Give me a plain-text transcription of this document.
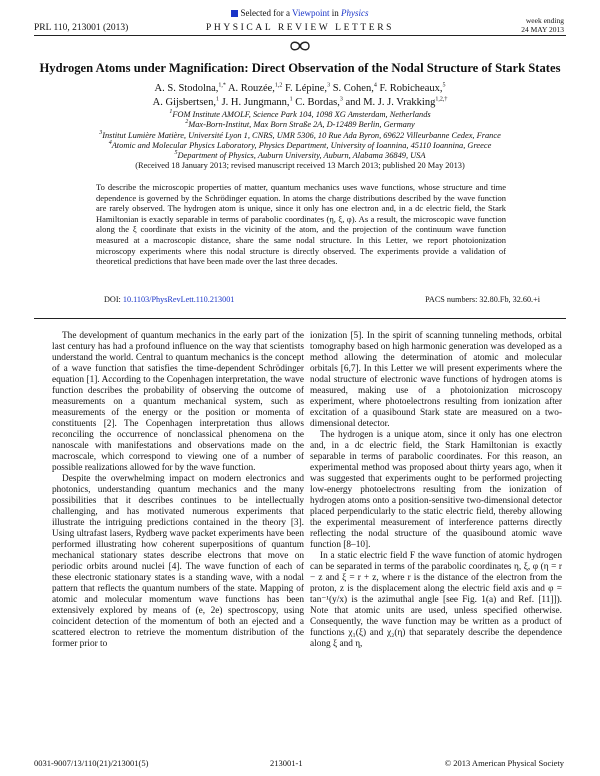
PRL 110, 213001 (2013)
Selected for a Viewpoint in Physics
PHYSICAL REVIEW LETTERS
week ending
24 MAY 2013
Hydrogen Atoms under Magnification: Direct Observation of the Nodal Structure of Stark States
A. S. Stodolna,$^{1,*}$ A. Rouzée,$^{1,2}$ F. Lépine,$^3$ S. Cohen,$^4$ F. Robicheaux,$^5$
A. Gijsbertsen,$^1$ J. H. Jungmann,$^1$ C. Bordas,$^3$ and M. J. J. Vrakking$^{1,2,\dagger}$
$^1$FOM Institute AMOLF, Science Park 104, 1098 XG Amsterdam, Netherlands
$^2$Max-Born-Institut, Max Born Straße 2A, D-12489 Berlin, Germany
$^3$Institut Lumière Matière, Université Lyon 1, CNRS, UMR 5306, 10 Rue Ada Byron, 69622 Villeurbanne Cedex, France
$^4$Atomic and Molecular Physics Laboratory, Physics Department, University of Ioannina, 45110 Ioannina, Greece
$^5$Department of Physics, Auburn University, Auburn, Alabama 36849, USA
(Received 18 January 2013; revised manuscript received 13 March 2013; published 20 May 2013)
To describe the microscopic properties of matter, quantum mechanics uses wave functions, whose structure and time dependence is governed by the Schrödinger equation. In atoms the charge distributions described by the wave function are rarely observed. The hydrogen atom is unique, since it only has one electron and, in a dc electric field, the Stark Hamiltonian is exactly separable in terms of parabolic coordinates (η, ξ, φ). As a result, the microscopic wave function along the ξ coordinate that exists in the vicinity of the atom, and the projection of the continuum wave function measured at a macroscopic distance, share the same nodal structure. In this Letter, we report photoionization microscopy experiments where this nodal structure is directly observed. The experiments provide a validation of theoretical predictions that have been made over the last three decades.
DOI: 10.1103/PhysRevLett.110.213001	PACS numbers: 32.80.Fb, 32.60.+i

The development of quantum mechanics in the early part of the last century has had a profound influence on the way that scientists understand the world. Central to quantum mechanics is the concept of a wave function that satisfies the time-dependent Schrödinger equation [1]. According to the Copenhagen interpretation, the wave function describes the probability of observing the outcome of measurements on a quantum mechanical system, such as measurements of the energy or the position or momenta of constituents [2]. The Copenhagen interpretation thus allows reconciling the occurrence of nonclassical phenomena on the nanoscale with manifestations and observations made on the macroscale, which correspond to viewing one of a number of possible realizations allowed for by the wave function.

Despite the overwhelming impact on modern electronics and photonics, understanding quantum mechanics and the many possibilities that it describes continues to be intellectually challenging, and has motivated numerous experiments that illustrate the intriguing predictions contained in the theory [3]. Using ultrafast lasers, Rydberg wave packet experiments have been performed illustrating how coherent superpositions of quantum mechanical stationary states describe electrons that move on periodic orbits around nuclei [4]. The wave function of each of these electronic stationary states is a standing wave, with a nodal pattern that reflects the quantum numbers of the state. Mapping of atomic and molecular momentum wave functions has been extensively explored by means of (e, 2e) spectroscopy, using coincident detection of the momentum of both an ejected and a scattered electron to retrieve the momentum distribution of the former prior to

ionization [5]. In the spirit of scanning tunneling methods, orbital tomography based on high harmonic generation was developed as a method allowing the determination of atomic and molecular orbitals [6,7]. In this Letter we will present experiments where the nodal structure of electronic wave functions of hydrogen atoms is measured, making use of a photoionization microscopy experiment, where photoelectrons resulting from ionization after excitation of a quasibound Stark state are measured on a two-dimensional detector.

The hydrogen is a unique atom, since it only has one electron and, in a dc electric field, the Stark Hamiltonian is exactly separable in terms of parabolic coordinates. For this reason, an experimental method was proposed about thirty years ago, when it was suggested that experiments ought to be performed projecting low-energy photoelectrons resulting from the ionization of hydrogen atoms onto a position-sensitive two-dimensional detector placed perpendicularly to the static electric field, thereby allowing the experimental measurement of interference patterns directly reflecting the nodal structure of the quasibound atomic wave function [8–10].

In a static electric field F the wave function of atomic hydrogen can be separated in terms of the parabolic coordinates η, ξ, φ (η = r − z and ξ = r + z, where r is the distance of the electron from the proton, z is the displacement along the electric field axis and φ = tan⁻¹(y/x) is the azimuthal angle [see Fig. 1(a) and Ref. [11]]). Note that atomic units are used, unless specified otherwise. Consequently, the wave function may be written as a product of functions χ₁(ξ) and χ₂(η) that separately describe the dependence along ξ and η,

0031-9007/13/110(21)/213001(5)	213001-1	© 2013 American Physical Society
